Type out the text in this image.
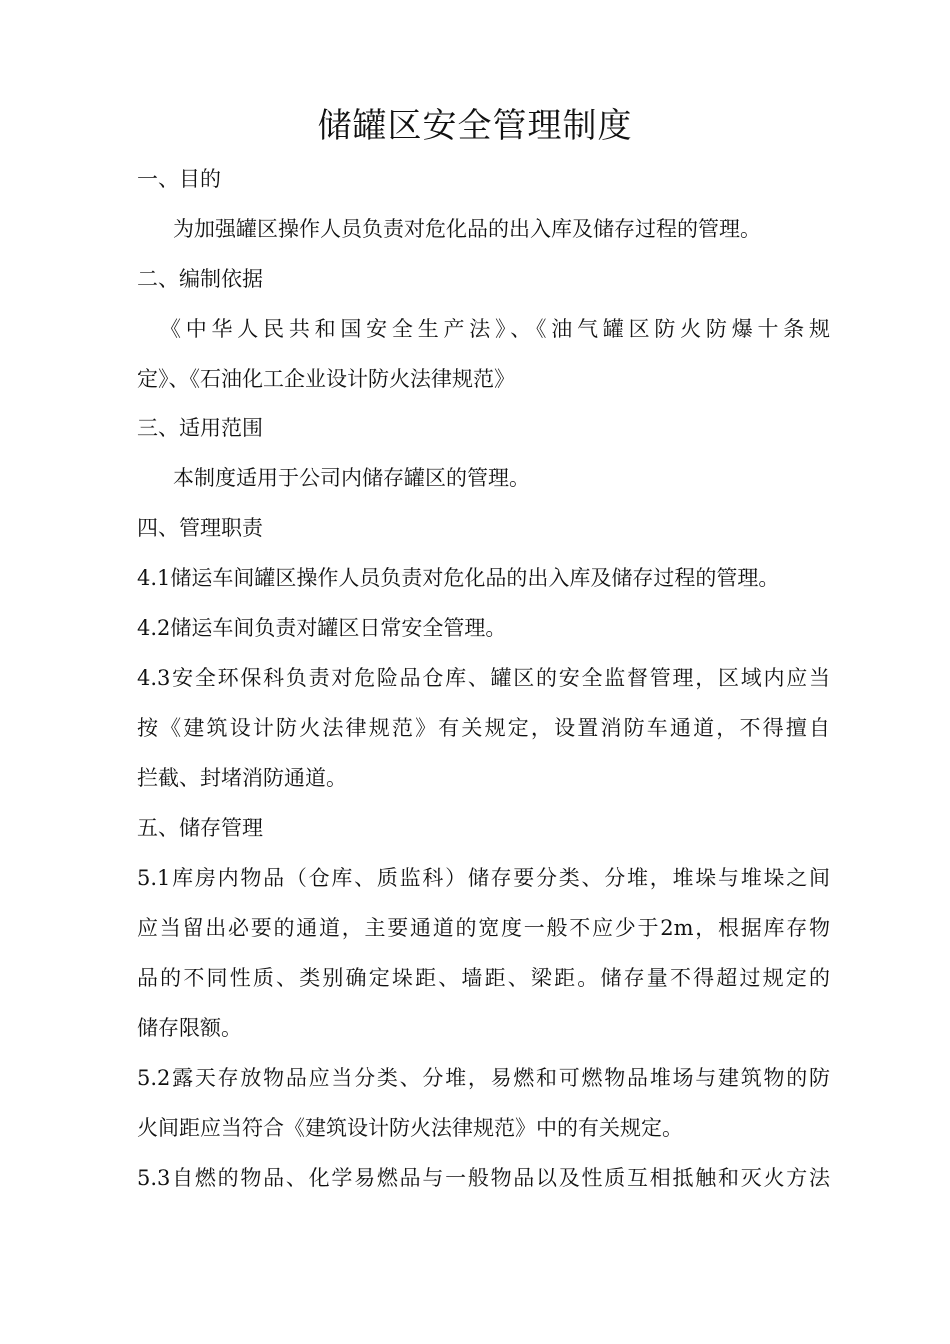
储罐区安全管理制度
一、目的
为加强罐区操作人员负责对危化品的出入库及储存过程的管理。
二、编制依据
《中华人民共和国安全生产法》、《油气罐区防火防爆十条规
定》、《石油化工企业设计防火法律规范》
三、适用范围
本制度适用于公司内储存罐区的管理。
四、管理职责
4.1储运车间罐区操作人员负责对危化品的出入库及储存过程的管理。
4.2储运车间负责对罐区日常安全管理。
4.3安全环保科负责对危险品仓库、罐区的安全监督管理，区域内应当
按《建筑设计防火法律规范》有关规定，设置消防车通道，不得擅自
拦截、封堵消防通道。
五、储存管理
5.1库房内物品（仓库、质监科）储存要分类、分堆，堆垛与堆垛之间
应当留出必要的通道，主要通道的宽度一般不应少于2m，根据库存物
品的不同性质、类别确定垛距、墙距、梁距。储存量不得超过规定的
储存限额。
5.2露天存放物品应当分类、分堆，易燃和可燃物品堆场与建筑物的防
火间距应当符合《建筑设计防火法律规范》中的有关规定。
5.3自燃的物品、化学易燃品与一般物品以及性质互相抵触和灭火方法
